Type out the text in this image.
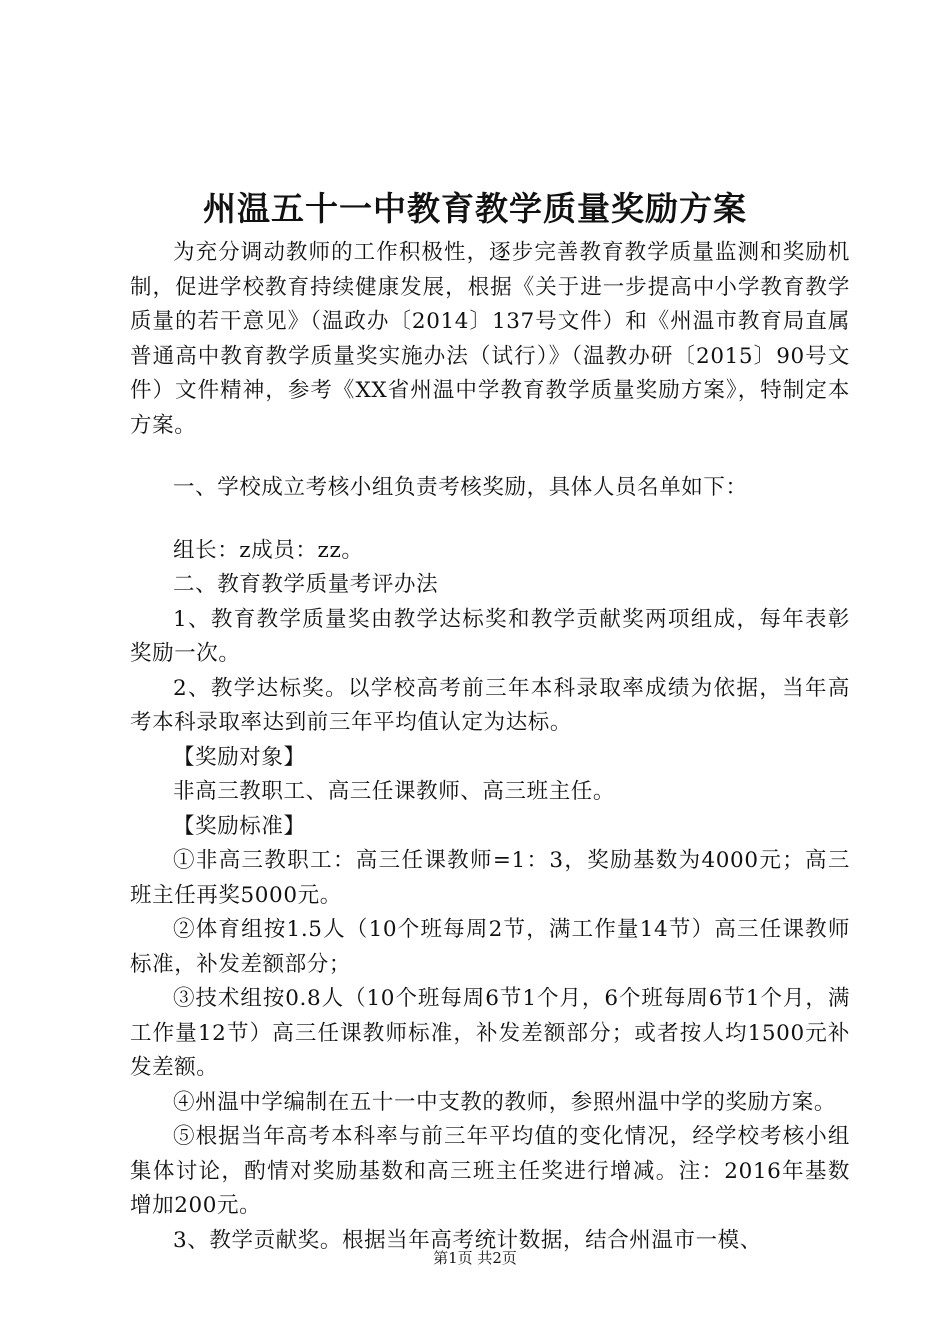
州温五十一中教育教学质量奖励方案

为充分调动教师的工作积极性，逐步完善教育教学质量监测和奖励机制，促进学校教育持续健康发展，根据《关于进一步提高中小学教育教学质量的若干意见》（温政办〔2014〕137号文件）和《州温市教育局直属普通高中教育教学质量奖实施办法（试行）》（温教办研〔2015〕90号文件）文件精神，参考《XX省州温中学教育教学质量奖励方案》，特制定本方案。

一、学校成立考核小组负责考核奖励，具体人员名单如下：

组长：z成员：zz。

二、教育教学质量考评办法

1、教育教学质量奖由教学达标奖和教学贡献奖两项组成，每年表彰奖励一次。

2、教学达标奖。以学校高考前三年本科录取率成绩为依据，当年高考本科录取率达到前三年平均值认定为达标。

【奖励对象】

非高三教职工、高三任课教师、高三班主任。

【奖励标准】

①非高三教职工：高三任课教师=1：3，奖励基数为4000元；高三班主任再奖5000元。

②体育组按1.5人（10个班每周2节，满工作量14节）高三任课教师标准，补发差额部分；

③技术组按0.8人（10个班每周6节1个月，6个班每周6节1个月，满工作量12节）高三任课教师标准，补发差额部分；或者按人均1500元补发差额。

④州温中学编制在五十一中支教的教师，参照州温中学的奖励方案。

⑤根据当年高考本科率与前三年平均值的变化情况，经学校考核小组集体讨论，酌情对奖励基数和高三班主任奖进行增减。注：2016年基数增加200元。

3、教学贡献奖。根据当年高考统计数据，结合州温市一模、

第1页 共2页
